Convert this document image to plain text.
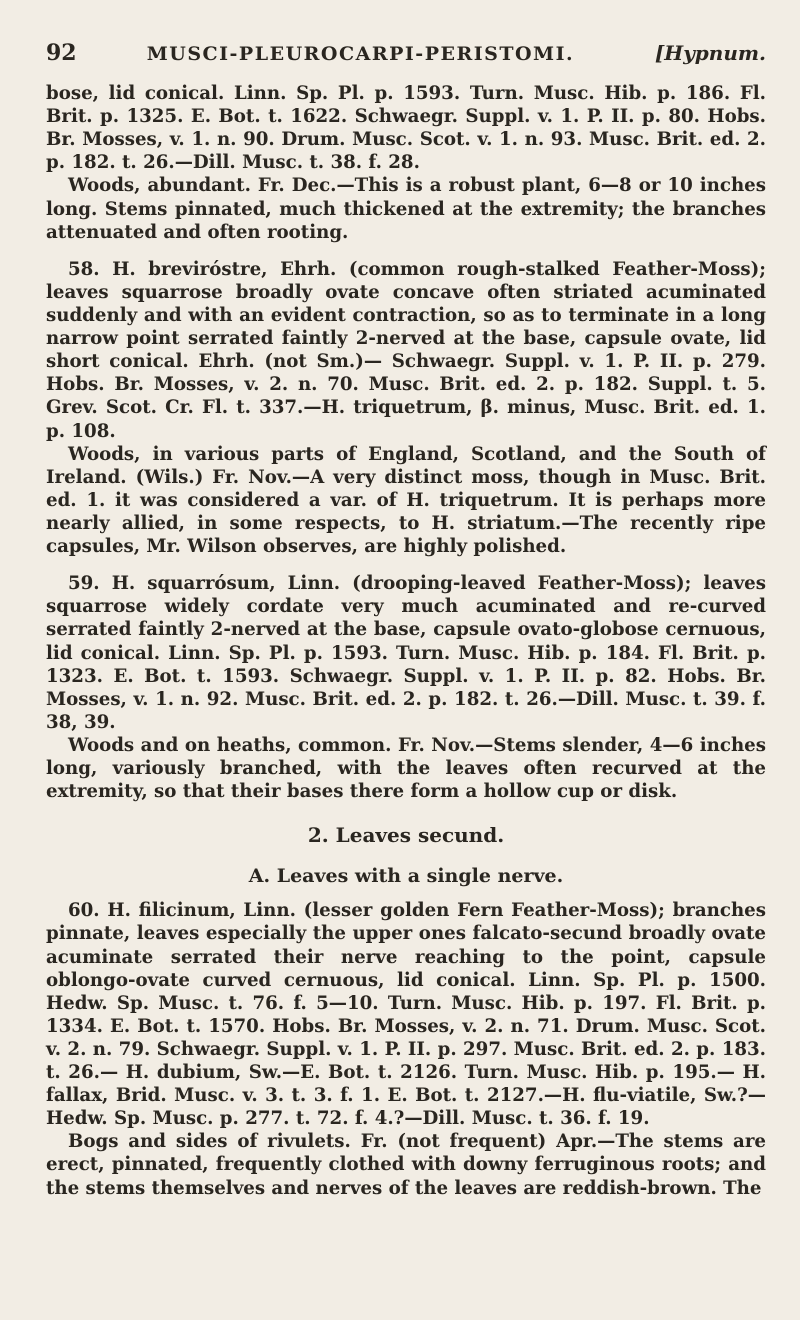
92	MUSCI-PLEUROCARPI-PERISTOMI.	[Hypnum.

bose, lid conical. Linn. Sp. Pl. p. 1593. Turn. Musc. Hib. p. 186. Fl. Brit. p. 1325. E. Bot. t. 1622. Schwaegr. Suppl. v. 1. P. II. p. 80. Hobs. Br. Mosses, v. 1. n. 90. Drum. Musc. Scot. v. 1. n. 93. Musc. Brit. ed. 2. p. 182. t. 26.—Dill. Musc. t. 38. f. 28.

Woods, abundant. Fr. Dec.—This is a robust plant, 6—8 or 10 inches long. Stems pinnated, much thickened at the extremity; the branches attenuated and often rooting.

58. H. breviróstre, Ehrh. (common rough-stalked Feather-Moss); leaves squarrose broadly ovate concave often striated acuminated suddenly and with an evident contraction, so as to terminate in a long narrow point serrated faintly 2-nerved at the base, capsule ovate, lid short conical. Ehrh. (not Sm.)— Schwaegr. Suppl. v. 1. P. II. p. 279. Hobs. Br. Mosses, v. 2. n. 70. Musc. Brit. ed. 2. p. 182. Suppl. t. 5. Grev. Scot. Cr. Fl. t. 337.—H. triquetrum, β. minus, Musc. Brit. ed. 1. p. 108.

Woods, in various parts of England, Scotland, and the South of Ireland. (Wils.) Fr. Nov.—A very distinct moss, though in Musc. Brit. ed. 1. it was considered a var. of H. triquetrum. It is perhaps more nearly allied, in some respects, to H. striatum.—The recently ripe capsules, Mr. Wilson observes, are highly polished.

59. H. squarrósum, Linn. (drooping-leaved Feather-Moss); leaves squarrose widely cordate very much acuminated and re-curved serrated faintly 2-nerved at the base, capsule ovato-globose cernuous, lid conical. Linn. Sp. Pl. p. 1593. Turn. Musc. Hib. p. 184. Fl. Brit. p. 1323. E. Bot. t. 1593. Schwaegr. Suppl. v. 1. P. II. p. 82. Hobs. Br. Mosses, v. 1. n. 92. Musc. Brit. ed. 2. p. 182. t. 26.—Dill. Musc. t. 39. f. 38, 39.

Woods and on heaths, common. Fr. Nov.—Stems slender, 4—6 inches long, variously branched, with the leaves often recurved at the extremity, so that their bases there form a hollow cup or disk.

2. Leaves secund.
A. Leaves with a single nerve.

60. H. filicinum, Linn. (lesser golden Fern Feather-Moss); branches pinnate, leaves especially the upper ones falcato-secund broadly ovate acuminate serrated their nerve reaching to the point, capsule oblongo-ovate curved cernuous, lid conical. Linn. Sp. Pl. p. 1500. Hedw. Sp. Musc. t. 76. f. 5—10. Turn. Musc. Hib. p. 197. Fl. Brit. p. 1334. E. Bot. t. 1570. Hobs. Br. Mosses, v. 2. n. 71. Drum. Musc. Scot. v. 2. n. 79. Schwaegr. Suppl. v. 1. P. II. p. 297. Musc. Brit. ed. 2. p. 183. t. 26.— H. dubium, Sw.—E. Bot. t. 2126. Turn. Musc. Hib. p. 195.— H. fallax, Brid. Musc. v. 3. t. 3. f. 1. E. Bot. t. 2127.—H. flu-viatile, Sw.?—Hedw. Sp. Musc. p. 277. t. 72. f. 4.?—Dill. Musc. t. 36. f. 19.

Bogs and sides of rivulets. Fr. (not frequent) Apr.—The stems are erect, pinnated, frequently clothed with downy ferruginous roots; and the stems themselves and nerves of the leaves are reddish-brown. The
